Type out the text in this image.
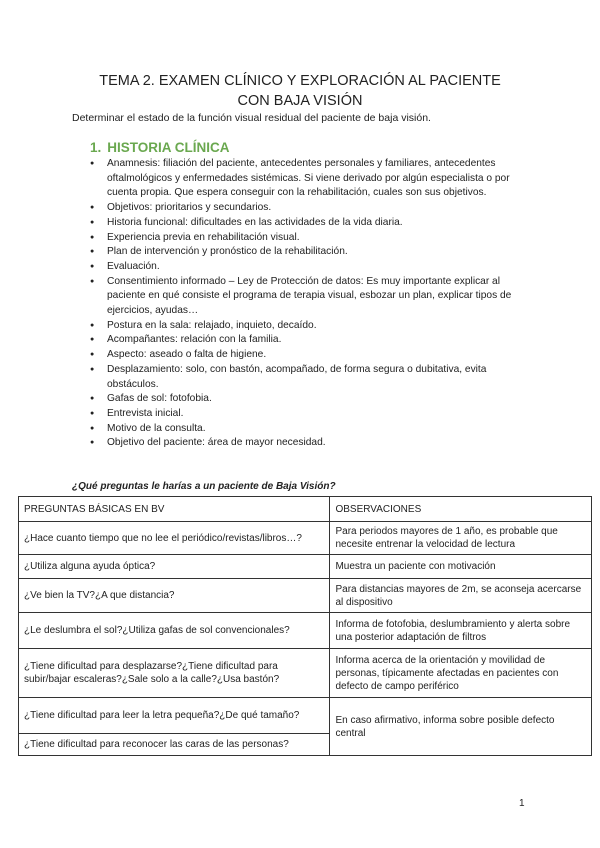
TEMA 2. EXAMEN CLÍNICO Y EXPLORACIÓN AL PACIENTE
CON BAJA VISIÓN
Determinar el estado de la función visual residual del paciente de baja visión.
1. HISTORIA CLÍNICA
● Anamnesis: filiación del paciente, antecedentes personales y familiares, antecedentes oftalmológicos y enfermedades sistémicas. Si viene derivado por algún especialista o por cuenta propia. Que espera conseguir con la rehabilitación, cuales son sus objetivos.
● Objetivos: prioritarios y secundarios.
● Historia funcional: dificultades en las actividades de la vida diaria.
● Experiencia previa en rehabilitación visual.
● Plan de intervención y pronóstico de la rehabilitación.
● Evaluación.
● Consentimiento informado – Ley de Protección de datos: Es muy importante explicar al paciente en qué consiste el programa de terapia visual, esbozar un plan, explicar tipos de ejercicios, ayudas…
● Postura en la sala: relajado, inquieto, decaído.
● Acompañantes: relación con la familia.
● Aspecto: aseado o falta de higiene.
● Desplazamiento: solo, con bastón, acompañado, de forma segura o dubitativa, evita obstáculos.
● Gafas de sol: fotofobia.
● Entrevista inicial.
● Motivo de la consulta.
● Objetivo del paciente: área de mayor necesidad.
¿Qué preguntas le harías a un paciente de Baja Visión?
PREGUNTAS BÁSICAS EN BV	OBSERVACIONES
¿Hace cuanto tiempo que no lee el periódico/revistas/libros…?	Para periodos mayores de 1 año, es probable que necesite entrenar la velocidad de lectura
¿Utiliza alguna ayuda óptica?	Muestra un paciente con motivación
¿Ve bien la TV?¿A que distancia?	Para distancias mayores de 2m, se aconseja acercarse al dispositivo
¿Le deslumbra el sol?¿Utiliza gafas de sol convencionales?	Informa de fotofobia, deslumbramiento y alerta sobre una posterior adaptación de filtros
¿Tiene dificultad para desplazarse?¿Tiene dificultad para subir/bajar escaleras?¿Sale solo a la calle?¿Usa bastón?	Informa acerca de la orientación y movilidad de personas, típicamente afectadas en pacientes con defecto de campo periférico
¿Tiene dificultad para leer la letra pequeña?¿De qué tamaño?	En caso afirmativo, informa sobre posible defecto central
¿Tiene dificultad para reconocer las caras de las personas?	
1
